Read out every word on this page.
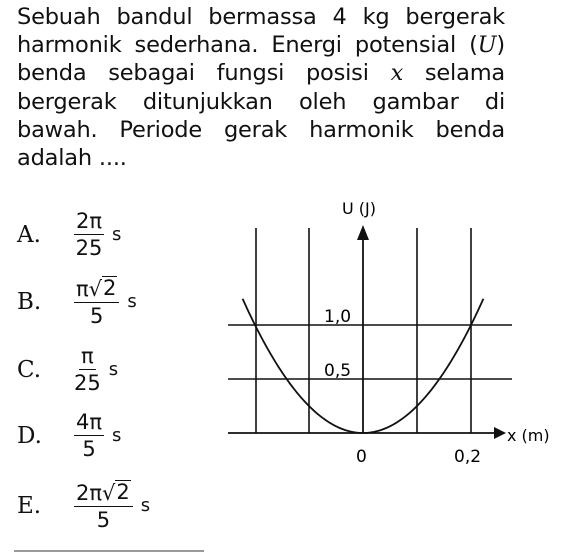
Sebuah bandul bermassa 4 kg bergerak harmonik sederhana. Energi potensial (U) benda sebagai fungsi posisi x selama bergerak ditunjukkan oleh gambar di bawah. Periode gerak harmonik benda adalah ....
A.	$\frac{2\pi}{25}$ s
B.	$\frac{\pi √ 2}{5}$ s
C.	$\frac{\pi}{25}$ s
D.	$\frac{4\pi}{5}$ s
E.	$\frac{2\pi √ 2}{5}$ s
U (J)
x (m)
1,0
0,5
0	0,2
